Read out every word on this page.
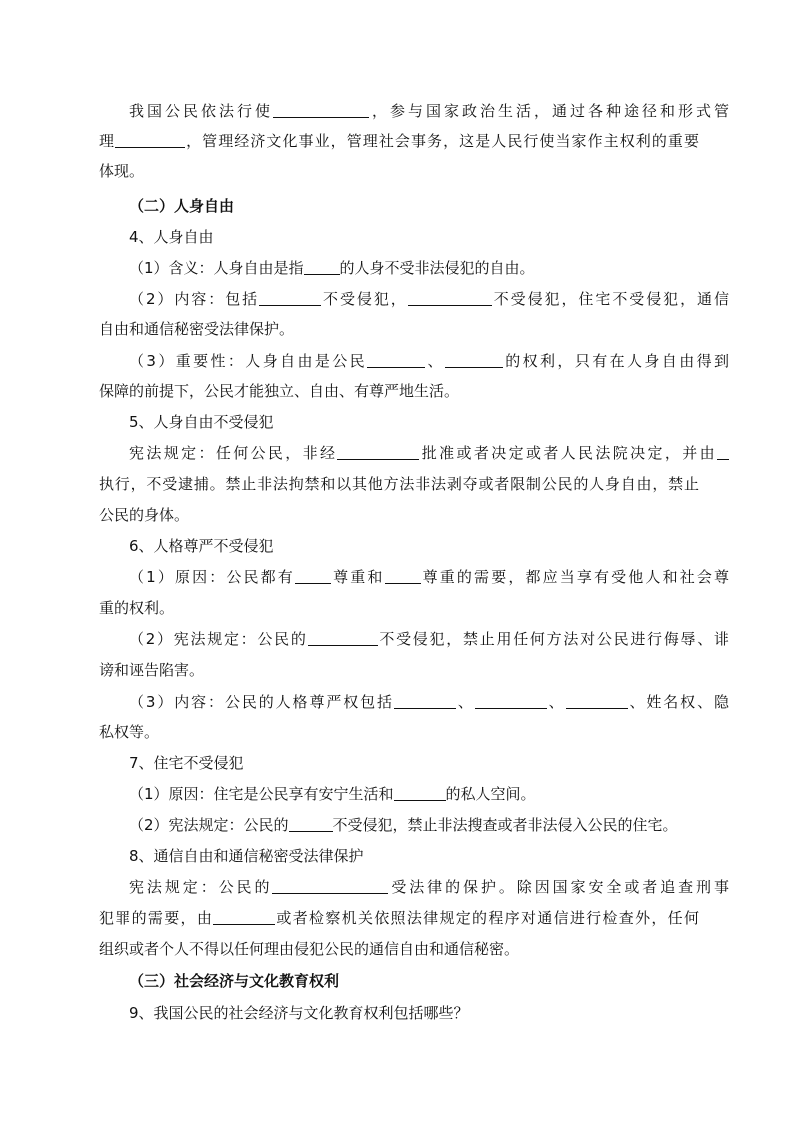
我国公民依法行使	，参与国家政治生活，通过各种途径和形式管
理	，管理经济文化事业，管理社会事务，这是人民行使当家作主权利的重要
体现。
（二）人身自由
4、人身自由
（1）含义：人身自由是指 的人身不受非法侵犯的自由。
（2）内容：包括	不受侵犯，	不受侵犯，住宅不受侵犯，通信
自由和通信秘密受法律保护。
（3）重要性：人身自由是公民	、	的权利，只有在人身自由得到
保障的前提下，公民才能独立、自由、有尊严地生活。
5、人身自由不受侵犯
宪法规定：任何公民，非经	批准或者决定或者人民法院决定，并由
执行，不受逮捕。禁止非法拘禁和以其他方法非法剥夺或者限制公民的人身自由，禁止
公民的身体。
6、人格尊严不受侵犯
（1）原因：公民都有 尊重和 尊重的需要，都应当享有受他人和社会尊
重的权利。
（2）宪法规定：公民的	不受侵犯，禁止用任何方法对公民进行侮辱、诽
谤和诬告陷害。
（3）内容：公民的人格尊严权包括	、	、	、姓名权、隐
私权等。
7、住宅不受侵犯
（1）原因：住宅是公民享有安宁生活和	的私人空间。
（2）宪法规定：公民的	不受侵犯，禁止非法搜查或者非法侵入公民的住宅。
8、通信自由和通信秘密受法律保护
宪法规定：公民的	受法律的保护。除因国家安全或者追查刑事
犯罪的需要，由	或者检察机关依照法律规定的程序对通信进行检查外，任何
组织或者个人不得以任何理由侵犯公民的通信自由和通信秘密。
（三）社会经济与文化教育权利
9、我国公民的社会经济与文化教育权利包括哪些？
